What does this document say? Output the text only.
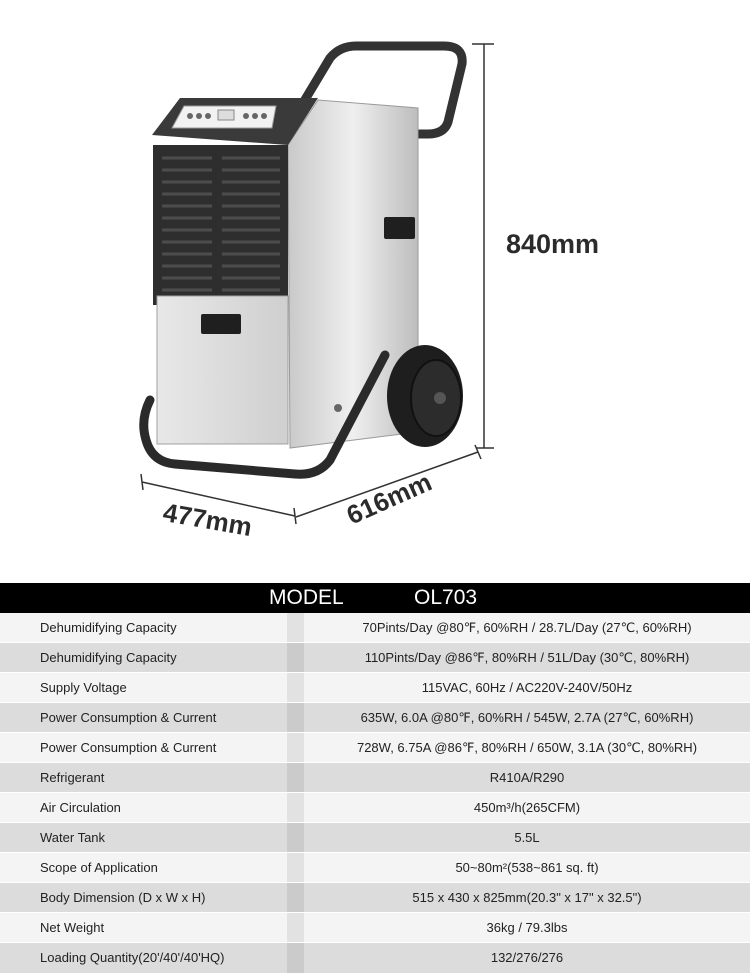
840mm
477mm	616mm
MODEL	OL703
Dehumidifying Capacity	70Pints/Day @80℉, 60%RH / 28.7L/Day (27℃, 60%RH)
Dehumidifying Capacity	110Pints/Day @86℉, 80%RH / 51L/Day (30℃, 80%RH)
Supply Voltage	115VAC, 60Hz / AC220V-240V/50Hz
Power Consumption & Current	635W, 6.0A @80℉, 60%RH / 545W, 2.7A (27℃, 60%RH)
Power Consumption & Current	728W, 6.75A @86℉, 80%RH / 650W, 3.1A (30℃, 80%RH)
Refrigerant	R410A/R290
Air Circulation	450m³/h(265CFM)
Water Tank	5.5L
Scope of Application	50~80m²(538~861 sq. ft)
Body Dimension (D x W x H)	515 x 430 x 825mm(20.3" x 17" x 32.5")
Net Weight	36kg / 79.3lbs
Loading Quantity(20'/40'/40'HQ)	132/276/276
